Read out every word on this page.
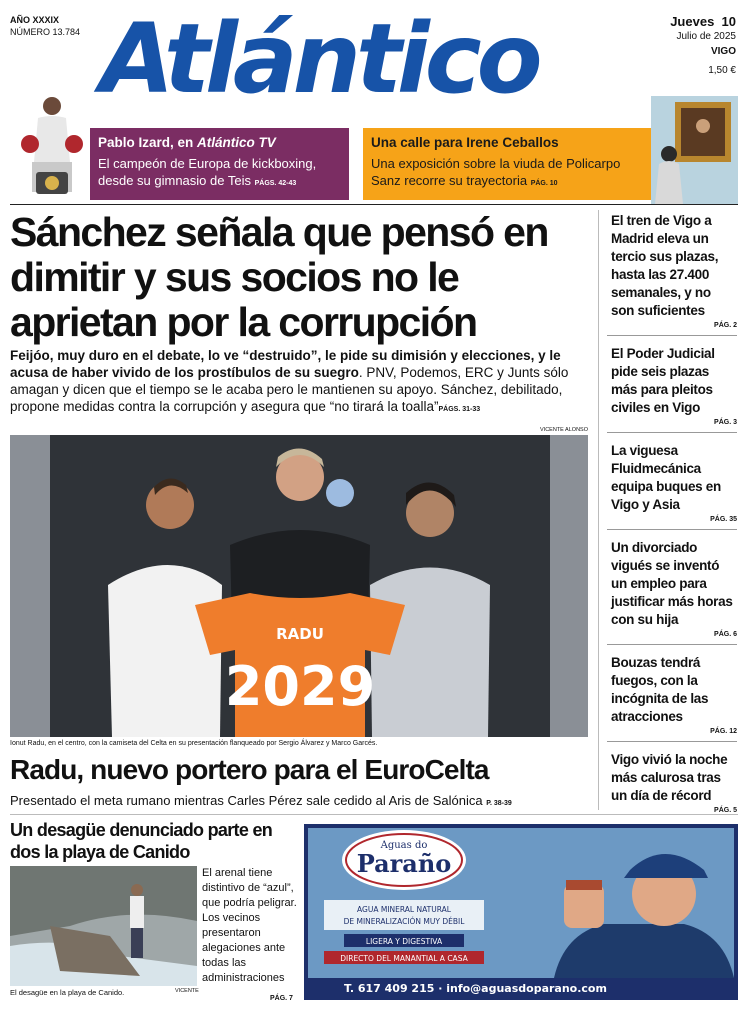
AÑO XXXIX
NÚMERO 13.784 Atlántico	Jueves 10
Julio de 2025
VIGO
1,50 €
Pablo Izard, en Atlántico TV
El campeón de Europa de kickboxing, desde su gimnasio de Teis PÁGS. 42-43
Una calle para Irene Ceballos
Una exposición sobre la viuda de Policarpo Sanz recorre su trayectoria PÁG. 10
Sánchez señala que pensó en dimitir y sus socios no le aprietan por la corrupción
Feijóo, muy duro en el debate, lo ve “destruido”, le pide su dimisión y elecciones, y le acusa de haber vivido de los prostíbulos de su suegro. PNV, Podemos, ERC y Junts sólo amagan y dicen que el tiempo se le acaba pero le mantienen su apoyo. Sánchez, debilitado, propone medidas contra la corrupción y asegura que “no tirará la toalla”PÁGS. 31-33
El tren de Vigo a Madrid eleva un tercio sus plazas, hasta las 27.400 semanales, y no son suficientes
PÁG. 2
El Poder Judicial pide seis plazas más para pleitos civiles en Vigo
PÁG. 3
La viguesa Fluidmecánica equipa buques en Vigo y Asia
PÁG. 35
Un divorciado vigués se inventó un empleo para justificar más horas con su hija
PÁG. 6
Bouzas tendrá fuegos, con la incógnita de las atracciones
PÁG. 12
Vigo vivió la noche más calurosa tras un día de récord
PÁG. 5
VICENTE ALONSO
RADU
2029
Ionut Radu, en el centro, con la camiseta del Celta en su presentación flanqueado por Sergio Álvarez y Marco Garcés.
Radu, nuevo portero para el EuroCelta
Presentado el meta rumano mientras Carles Pérez sale cedido al Aris de Salónica P. 38-39
Un desagüe denunciado parte en dos la playa de Canido
El arenal tiene distintivo de “azul”, que podría peligrar. Los vecinos presentaron alegaciones ante todas las administraciones
El desagüe en la playa de Canido.	VICENTE
PÁG. 7
Aguas do
Paraño
AGUA MINERAL NATURAL
DE MINERALIZACIÓN MUY DÉBIL
LIGERA Y DIGESTIVA
DIRECTO DEL MANANTIAL A CASA
T. 617 409 215 · info@aguasdoparano.com
